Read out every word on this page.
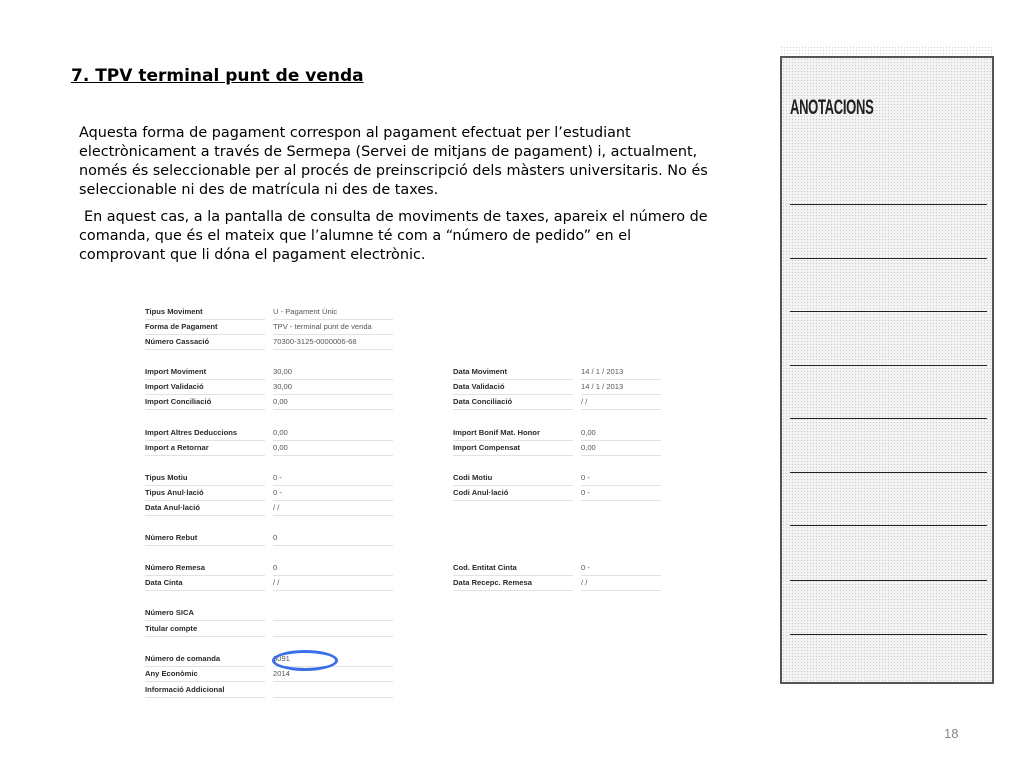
7. TPV terminal punt de venda

Aquesta forma de pagament correspon al pagament efectuat per l’estudiant electrònicament a través de Sermepa (Servei de mitjans de pagament) i, actualment, només és seleccionable per al procés de preinscripció dels màsters universitaris. No és seleccionable ni des de matrícula ni des de taxes.

En aquest cas, a la pantalla de consulta de moviments de taxes, apareix el número de comanda, que és el mateix que l’alumne té com a “número de pedido” en el comprovant que li dóna el pagament electrònic.

Tipus Moviment	U - Pagament Únic
Forma de Pagament	TPV - terminal punt de venda
Número Cassació	70300-3125-0000006-68
Import Moviment	30,00
Import Validació	30,00
Import Conciliació	0,00
Import Altres Deduccions	0,00
Import a Retornar	0,00
Tipus Motiu	0 -
Tipus Anul·lació	0 -
Data Anul·lació	/ /
Número Rebut	0
Número Remesa	0
Data Cinta	/ /
Número SICA
Titular compte
Número de comanda	6091
Any Econòmic	2014
Informació Addicional
Data Moviment	14 / 1 / 2013
Data Validació	14 / 1 / 2013
Data Conciliació	/ /
Import Bonif Mat. Honor	0,00
Import Compensat	0,00
Codi Motiu	0 -
Codi Anul·lació	0 -
Cod. Entitat Cinta	0 -
Data Recepc. Remesa	/ /
ANOTACIONS
18
